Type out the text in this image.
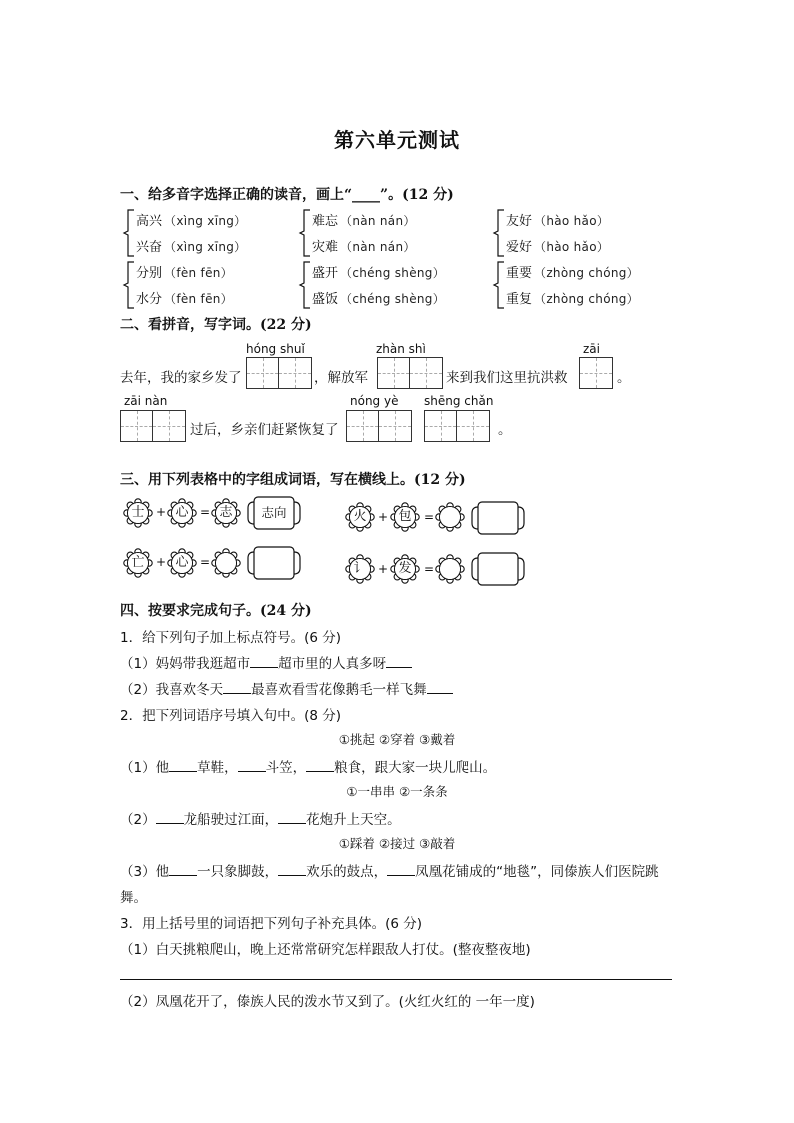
第六单元测试
一、给多音字选择正确的读音，画上“____”。(12 分)
高兴 （xìng xīng）
兴奋 （xìng xīng）
难忘 （nàn nán）
灾难 （nàn nán）
友好 （hào hǎo）
爱好 （hào hǎo）
分别 （fèn fēn）
水分 （fèn fēn）
盛开 （chéng shèng）
盛饭 （chéng shèng）
重要 （zhòng chóng）
重复 （zhòng chóng）
二、看拼音，写字词。(22 分)
hóng shuǐ	zhàn shì	zāi
去年，我的家乡发了	，解放军	来到我们这里抗洪救	。
zāi nàn	nóng yè shēng chǎn
过后，乡亲们赶紧恢复了	。
三、用下列表格中的字组成词语，写在横线上。(12 分)
士 + 心 = 志	志向	火 + 包	=
亡 + 心 =	讠 + 发	=
四、按要求完成句子。(24 分)
1．给下列句子加上标点符号。(6 分)
（1）妈妈带我逛超市 超市里的人真多呀
（2）我喜欢冬天 最喜欢看雪花像鹅毛一样飞舞
2．把下列词语序号填入句中。(8 分)
①挑起 ②穿着 ③戴着
（1）他 草鞋， 斗笠， 粮食，跟大家一块儿爬山。
①一串串 ②一条条
（2） 龙船驶过江面， 花炮升上天空。
①踩着 ②接过 ③敲着
（3）他 一只象脚鼓， 欢乐的鼓点， 凤凰花铺成的“地毯”，同傣族人们医院跳
舞。
3．用上括号里的词语把下列句子补充具体。(6 分)
（1）白天挑粮爬山，晚上还常常研究怎样跟敌人打仗。(整夜整夜地)
（2）凤凰花开了，傣族人民的泼水节又到了。(火红火红的 一年一度)
